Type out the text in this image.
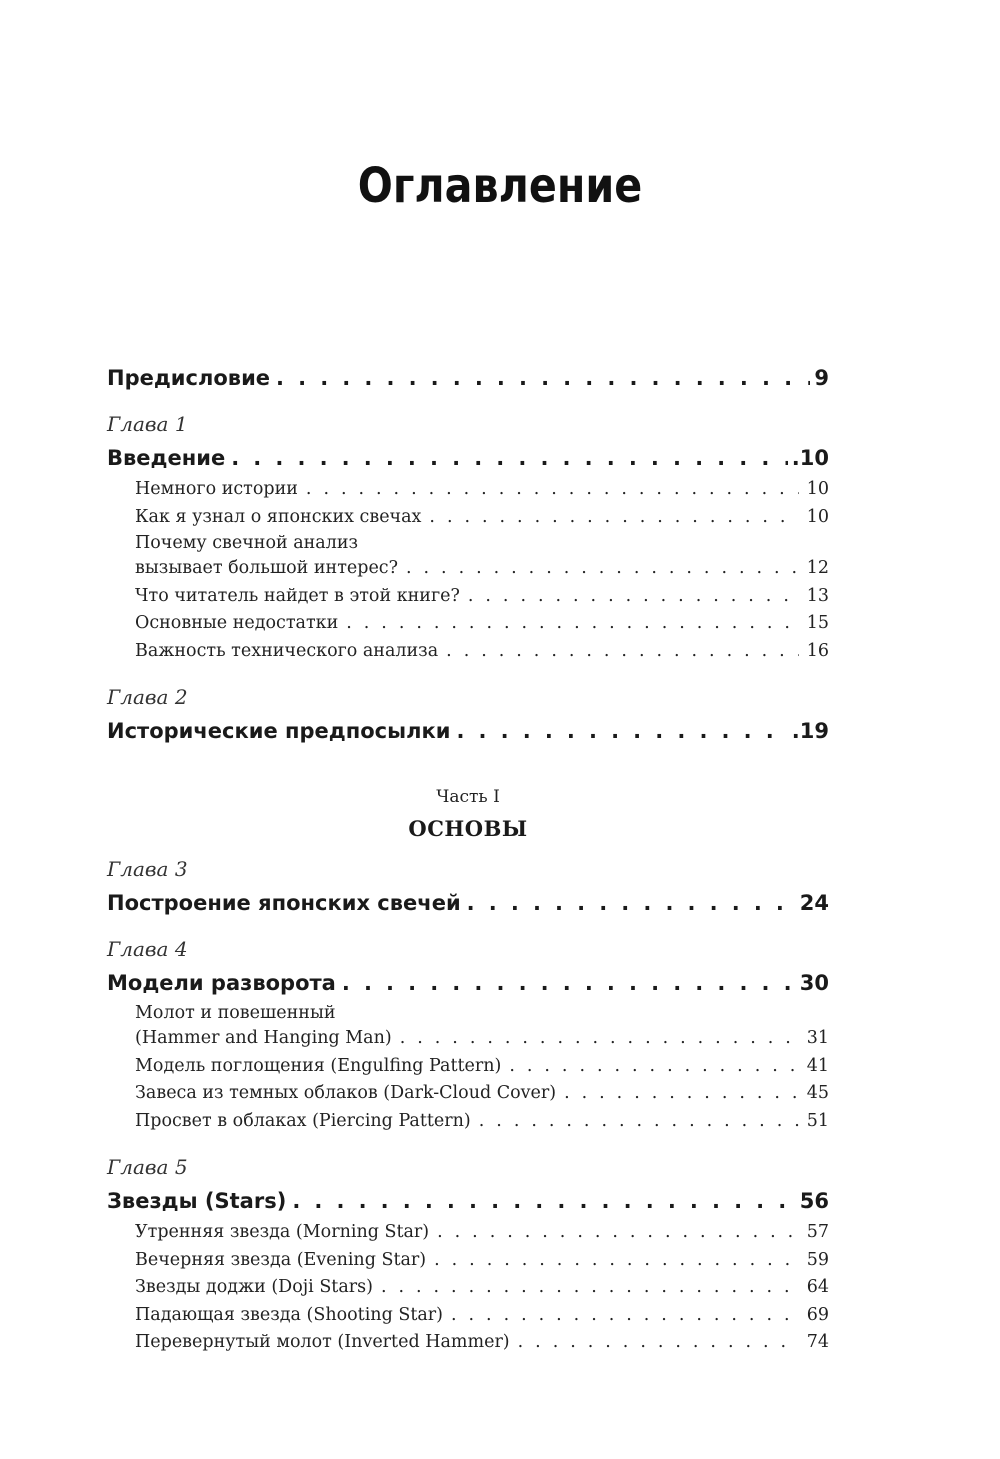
Оглавление
Предисловие . . .	9
Глава 1
Введение . . .	.10
Немного истории . . .	10
Как я узнал о японских свечах . . .	10
Почему свечной анализ
вызывает большой интерес? . . .	12
Что читатель найдет в этой книге? . . .	13
Основные недостатки . . .	15
Важность технического анализа . . .	16
Глава 2
Исторические предпосылки . . .	.19
Часть I
ОСНОВЫ
Глава 3
Построение японских свечей . . .	24
Глава 4
Модели разворота . . .	30
Молот и повешенный
(Hammer and Hanging Man) . . .	31
Модель поглощения (Engulfing Pattern) . . .	41
Завеса из темных облаков (Dark-Cloud Cover) . . .	45
Просвет в облаках (Piercing Pattern) . . .	51
Глава 5
Звезды (Stars) . . .	56
Утренняя звезда (Morning Star) . . .	57
Вечерняя звезда (Evening Star) . . .	59
Звезды доджи (Doji Stars) . . .	64
Падающая звезда (Shooting Star) . . .	69
Перевернутый молот (Inverted Hammer) . . .	74
